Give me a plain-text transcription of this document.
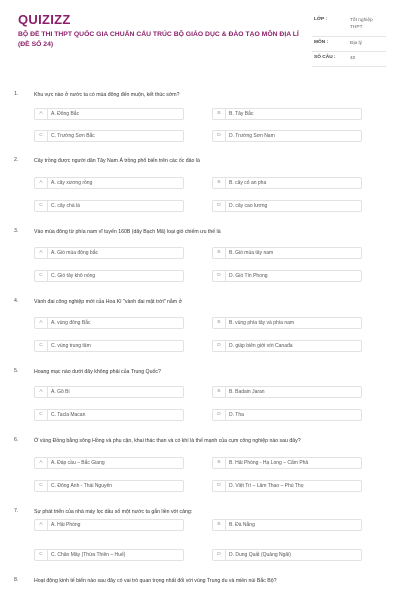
QUIZIZZ
BỘ ĐỀ THI THPT QUỐC GIA CHUẨN CẤU TRÚC BỘ GIÁO DỤC & ĐÀO TẠO MÔN ĐỊA LÍ (ĐỀ SỐ 24)
LỚP :	Tốt nghiệp THPT
MÔN :	Địa lý
SỐ CÂU :	40
1.	Khu vực nào ở nước ta có mùa đông đến muộn, kết thúc sớm?
A	A. Đông Bắc	B	B. Tây Bắc
C	C. Trường Sơn Bắc	D	D. Trường Sơn Nam
2.	Cây trồng được người dân Tây Nam Á trồng phổ biến trên các ốc đảo là
A	A. cây xương rồng	B	B. cây cỏ an pha
C	C. cây chà là	D	D. cây cao lương
3.	Vào mùa đông từ phía nam vĩ tuyến 160B (dãy Bạch Mã) loại gió chiếm ưu thế là
A	A. Gió mùa đông bắc	B	B. Gió mùa tây nam
C	C. Gió tây khô nóng	D	D. Gió Tín Phong
4.	Vành đai công nghiệp mới của Hoa Kì "vành đai mặt trời" nằm ở
A	A. vùng đông Bắc	B	B. vùng phía tây và phía nam
C	C. vùng trung tâm	D	D. giáp biên giới với Canađa
5.	Hoang mạc nào dưới đây không phải của Trung Quốc?
A	A. Gô Bi	B	B. Badain Jaran
C	C. Tacla Macan	D	D. Tha
6.	Ở vùng Đồng bằng sông Hồng và phụ cận, khai thác than và có khí là thế mạnh của cụm công nghiệp nào sau đây?
A	A. Đáp cầu – Bắc Giang	B	B. Hải Phòng - Hạ Long – Cẩm Phả
C	C. Đông Anh - Thái Nguyên	D	D. Việt Trì – Lâm Thao – Phú Thọ
7.	Sự phát triển của nhà máy lọc dầu số một nước ta gắn liền với cảng:
A	A. Hải Phòng	B	B. Đà Nẵng
C	C. Chân Mây (Thừa Thiên – Huế)	D	D. Dung Quất (Quảng Ngãi)
8.	Hoạt động kinh tế biển nào sau đây có vai trò quan trọng nhất đối với vùng Trung du và miền núi Bắc Bộ?
